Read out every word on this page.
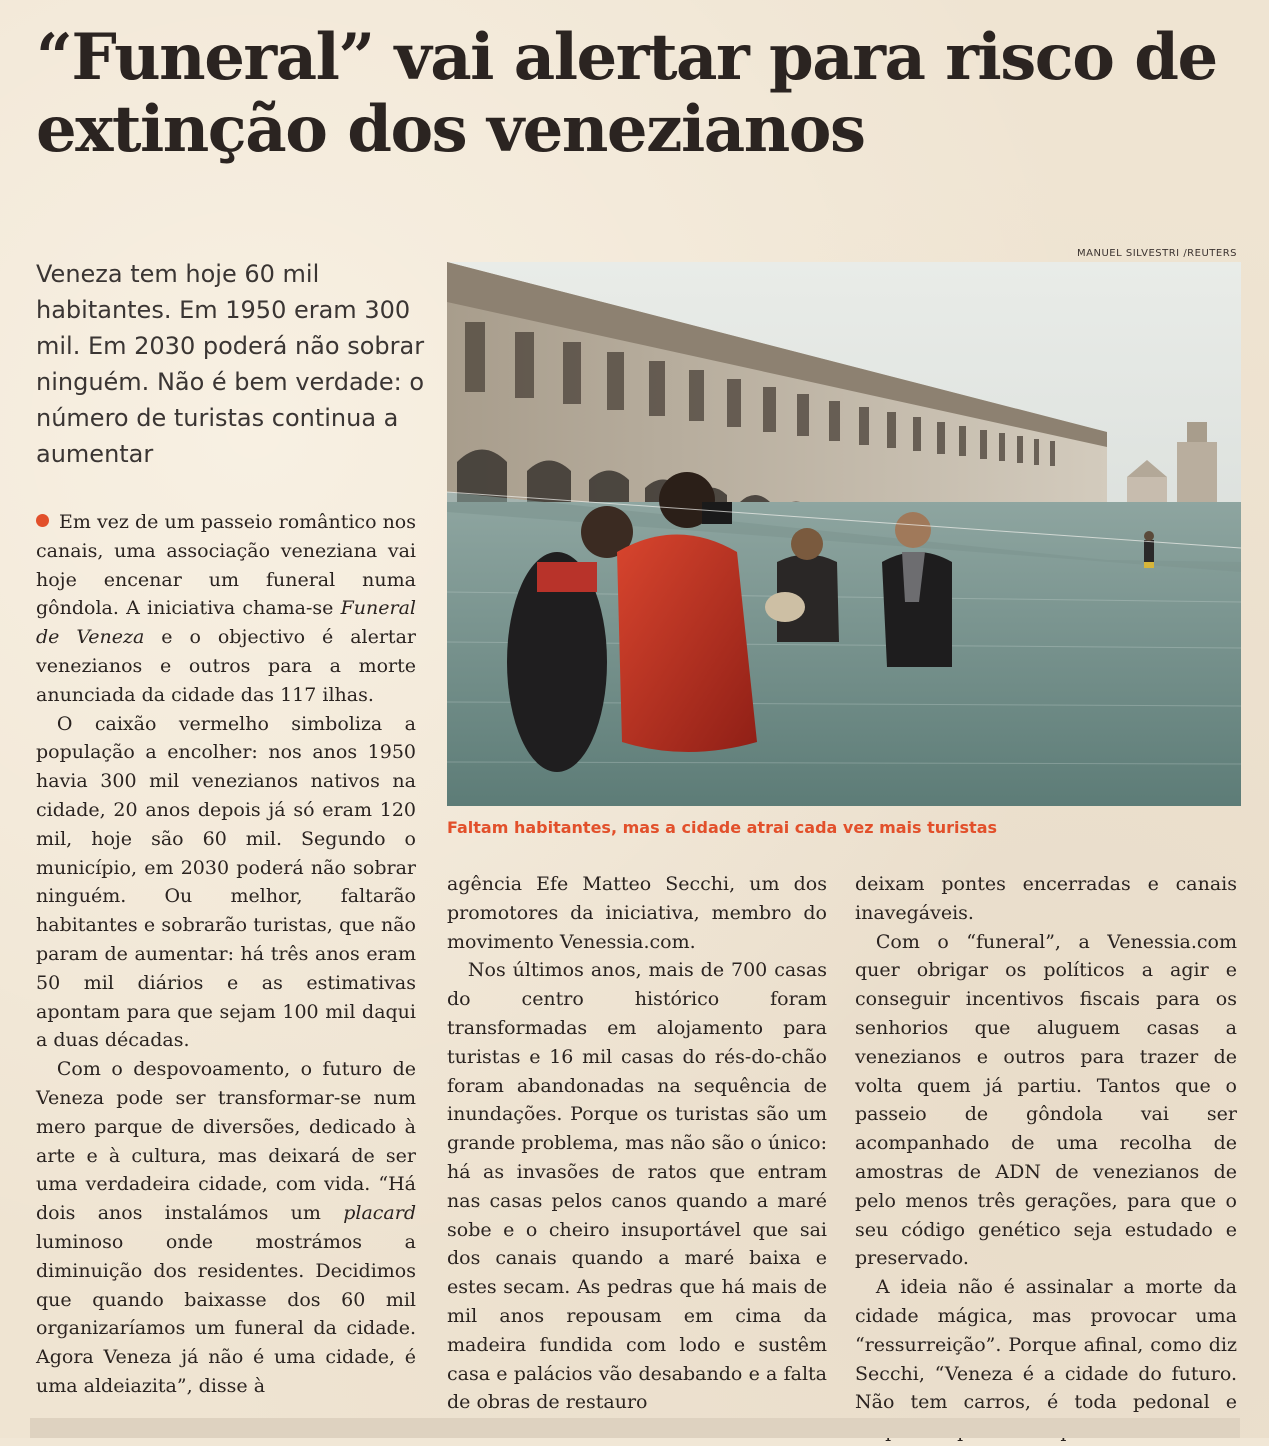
“Funeral” vai alertar para risco de extinção dos venezianos
MANUEL SILVESTRI /REUTERS

Veneza tem hoje 60 mil habitantes. Em 1950 eram 300 mil. Em 2030 poderá não sobrar ninguém. Não é bem verdade: o número de turistas continua a aumentar

Faltam habitantes, mas a cidade atrai cada vez mais turistas

Em vez de um passeio romântico nos canais, uma associação veneziana vai hoje encenar um funeral numa gôndola. A iniciativa chama-se Funeral de Veneza e o objectivo é alertar venezianos e outros para a morte anunciada da cidade das 117 ilhas.

O caixão vermelho simboliza a população a encolher: nos anos 1950 havia 300 mil venezianos nativos na cidade, 20 anos depois já só eram 120 mil, hoje são 60 mil. Segundo o município, em 2030 poderá não sobrar ninguém. Ou melhor, faltarão habitantes e sobrarão turistas, que não param de aumentar: há três anos eram 50 mil diários e as estimativas apontam para que sejam 100 mil daqui a duas décadas.

Com o despovoamento, o futuro de Veneza pode ser transformar-se num mero parque de diversões, dedicado à arte e à cultura, mas deixará de ser uma verdadeira cidade, com vida. “Há dois anos instalámos um placard luminoso onde mostrámos a diminuição dos residentes. Decidimos que quando baixasse dos 60 mil organizaríamos um funeral da cidade. Agora Veneza já não é uma cidade, é uma aldeiazita”, disse à

agência Efe Matteo Secchi, um dos promotores da iniciativa, membro do movimento Venessia.com.

Nos últimos anos, mais de 700 casas do centro histórico foram transformadas em alojamento para turistas e 16 mil casas do rés-do-chão foram abandonadas na sequência de inundações. Porque os turistas são um grande problema, mas não são o único: há as invasões de ratos que entram nas casas pelos canos quando a maré sobe e o cheiro insuportável que sai dos canais quando a maré baixa e estes secam. As pedras que há mais de mil anos repousam em cima da madeira fundida com lodo e sustêm casa e palácios vão desabando e a falta de obras de restauro

deixam pontes encerradas e canais inavegáveis.

Com o “funeral”, a Venessia.com quer obrigar os políticos a agir e conseguir incentivos fiscais para os senhorios que aluguem casas a venezianos e outros para trazer de volta quem já partiu. Tantos que o passeio de gôndola vai ser acompanhado de uma recolha de amostras de ADN de venezianos de pelo menos três gerações, para que o seu código genético seja estudado e preservado.

A ideia não é assinalar a morte da cidade mágica, mas provocar uma “ressurreição”. Porque afinal, como diz Secchi, “Veneza é a cidade do futuro. Não tem carros, é toda pedonal e
